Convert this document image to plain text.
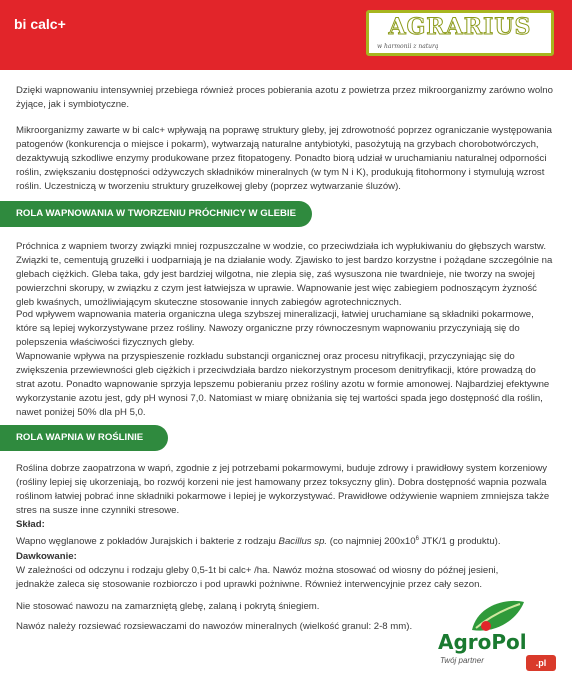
bi calc+	AGRARIUS
w harmonii z naturą

Dzięki wapnowaniu intensywniej przebiega również proces pobierania azotu z powietrza przez mikroorganizmy zarówno wolno żyjące, jak i symbiotyczne.

Mikroorganizmy zawarte w bi calc+ wpływają na poprawę struktury gleby, jej zdrowotność poprzez ograniczanie występowania patogenów (konkurencja o miejsce i pokarm), wytwarzają naturalne antybiotyki, pasożytują na grzybach chorobotwórczych, dezaktywują szkodliwe enzymy produkowane przez fitopatogeny. Ponadto biorą udział w uruchamianiu naturalnej odporności roślin, zwiększaniu dostępności odżywczych składników mineralnych (w tym N i K), produkują fitohormony i stymulują wzrost roślin. Uczestniczą w tworzeniu struktury gruzełkowej gleby (poprzez wytwarzanie śluzów).

ROLA WAPNOWANIA W TWORZENIU PRÓCHNICY W GLEBIE

Próchnica z wapniem tworzy związki mniej rozpuszczalne w wodzie, co przeciwdziała ich wypłukiwaniu do głębszych warstw. Związki te, cementują gruzełki i uodparniają je na działanie wody. Zjawisko to jest bardzo korzystne i pożądane szczególnie na glebach ciężkich. Gleba taka, gdy jest bardziej wilgotna, nie zlepia się, zaś wysuszona nie twardnieje, nie tworzy na swojej powierzchni skorupy, w związku z czym jest łatwiejsza w uprawie. Wapnowanie jest więc zabiegiem podnoszącym żyzność gleb kwaśnych, umożliwiającym skuteczne stosowanie innych zabiegów agrotechnicznych.

Pod wpływem wapnowania materia organiczna ulega szybszej mineralizacji, łatwiej uruchamiane są składniki pokarmowe, które są lepiej wykorzystywane przez rośliny. Nawozy organiczne przy równoczesnym wapnowaniu przyczyniają się do polepszenia właściwości fizycznych gleby.

Wapnowanie wpływa na przyspieszenie rozkładu substancji organicznej oraz procesu nitryfikacji, przyczyniając się do zwiększenia przewiewności gleb ciężkich i przeciwdziała bardzo niekorzystnym procesom denitryfikacji, które prowadzą do strat azotu. Ponadto wapnowanie sprzyja lepszemu pobieraniu przez rośliny azotu w formie amonowej. Najbardziej efektywne wykorzystanie azotu jest, gdy pH wynosi 7,0. Natomiast w miarę obniżania się tej wartości spada jego dostępność dla roślin, nawet poniżej 50% dla pH 5,0.

ROLA WAPNIA W ROŚLINIE

Roślina dobrze zaopatrzona w wapń, zgodnie z jej potrzebami pokarmowymi, buduje zdrowy i prawidłowy system korzeniowy (rośliny lepiej się ukorzeniają, bo rozwój korzeni nie jest hamowany przez toksyczny glin). Dobra dostępność wapnia pozwala roślinom łatwiej pobrać inne składniki pokarmowe i lepiej je wykorzystywać. Prawidłowe odżywienie wapniem zmniejsza także stres na susze inne czynniki stresowe.

Skład:

Wapno węglanowe z pokładów Jurajskich i bakterie z rodzaju Bacillus sp. (co najmniej $200x10^6$ JTK/1 g produktu).

Dawkowanie:

W zależności od odczynu i rodzaju gleby 0,5-1t bi calc+ /ha. Nawóz można stosować od wiosny do późnej jesieni, jednakże zaleca się stosowanie rozbiorczo i pod uprawki pożniwne. Również interwencyjnie przez cały sezon.

Nie stosować nawozu na zamarzniętą glebę, zalaną i pokrytą śniegiem.

Nawóz należy rozsiewać rozsiewaczami do nawozów mineralnych (wielkość granul: 2-8 mm).

AgroPol
Twój partner	.pl
